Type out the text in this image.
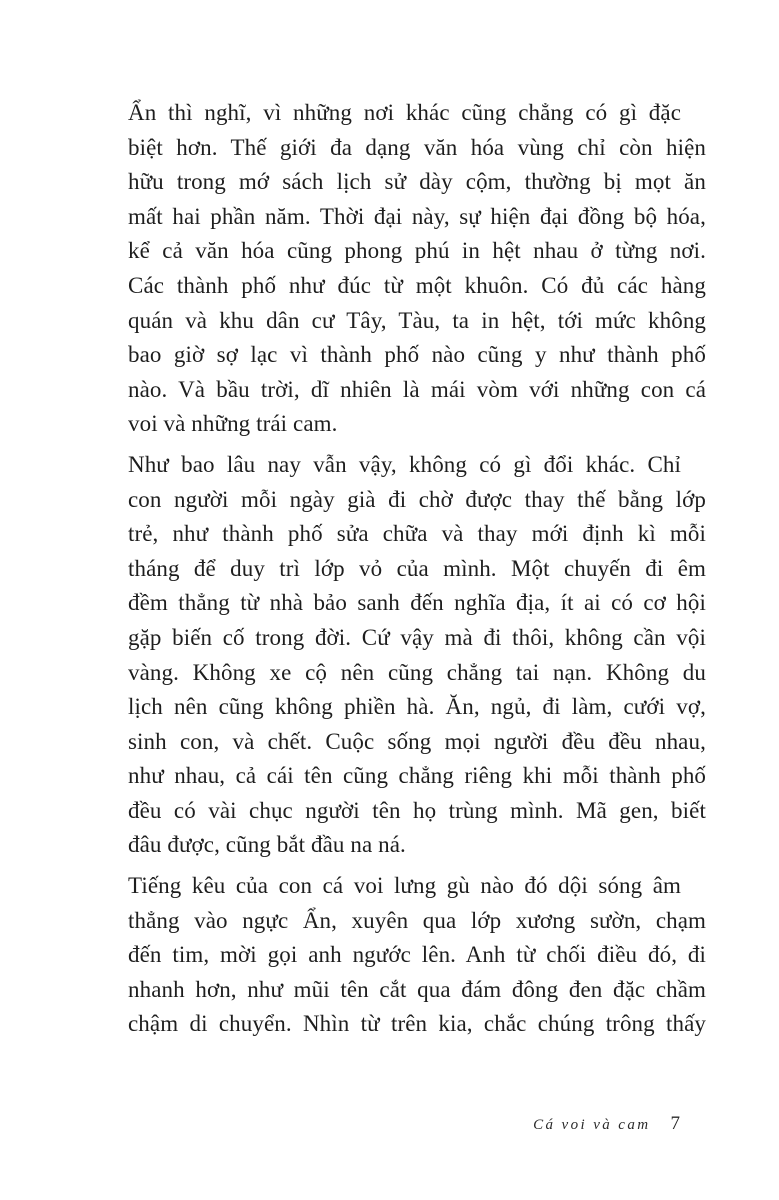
Ẩn thì nghĩ, vì những nơi khác cũng chẳng có gì đặc
biệt hơn. Thế giới đa dạng văn hóa vùng chỉ còn hiện
hữu trong mớ sách lịch sử dày cộm, thường bị mọt ăn
mất hai phần năm. Thời đại này, sự hiện đại đồng bộ hóa,
kể cả văn hóa cũng phong phú in hệt nhau ở từng nơi.
Các thành phố như đúc từ một khuôn. Có đủ các hàng
quán và khu dân cư Tây, Tàu, ta in hệt, tới mức không
bao giờ sợ lạc vì thành phố nào cũng y như thành phố
nào. Và bầu trời, dĩ nhiên là mái vòm với những con cá
voi và những trái cam.

Như bao lâu nay vẫn vậy, không có gì đổi khác. Chỉ
con người mỗi ngày già đi chờ được thay thế bằng lớp
trẻ, như thành phố sửa chữa và thay mới định kì mỗi
tháng để duy trì lớp vỏ của mình. Một chuyến đi êm
đềm thẳng từ nhà bảo sanh đến nghĩa địa, ít ai có cơ hội
gặp biến cố trong đời. Cứ vậy mà đi thôi, không cần vội
vàng. Không xe cộ nên cũng chẳng tai nạn. Không du
lịch nên cũng không phiền hà. Ăn, ngủ, đi làm, cưới vợ,
sinh con, và chết. Cuộc sống mọi người đều đều nhau,
như nhau, cả cái tên cũng chẳng riêng khi mỗi thành phố
đều có vài chục người tên họ trùng mình. Mã gen, biết
đâu được, cũng bắt đầu na ná.

Tiếng kêu của con cá voi lưng gù nào đó dội sóng âm
thẳng vào ngực Ẩn, xuyên qua lớp xương sườn, chạm
đến tim, mời gọi anh ngước lên. Anh từ chối điều đó, đi
nhanh hơn, như mũi tên cắt qua đám đông đen đặc chầm
chậm di chuyển. Nhìn từ trên kia, chắc chúng trông thấy

Cá voi và cam 7
